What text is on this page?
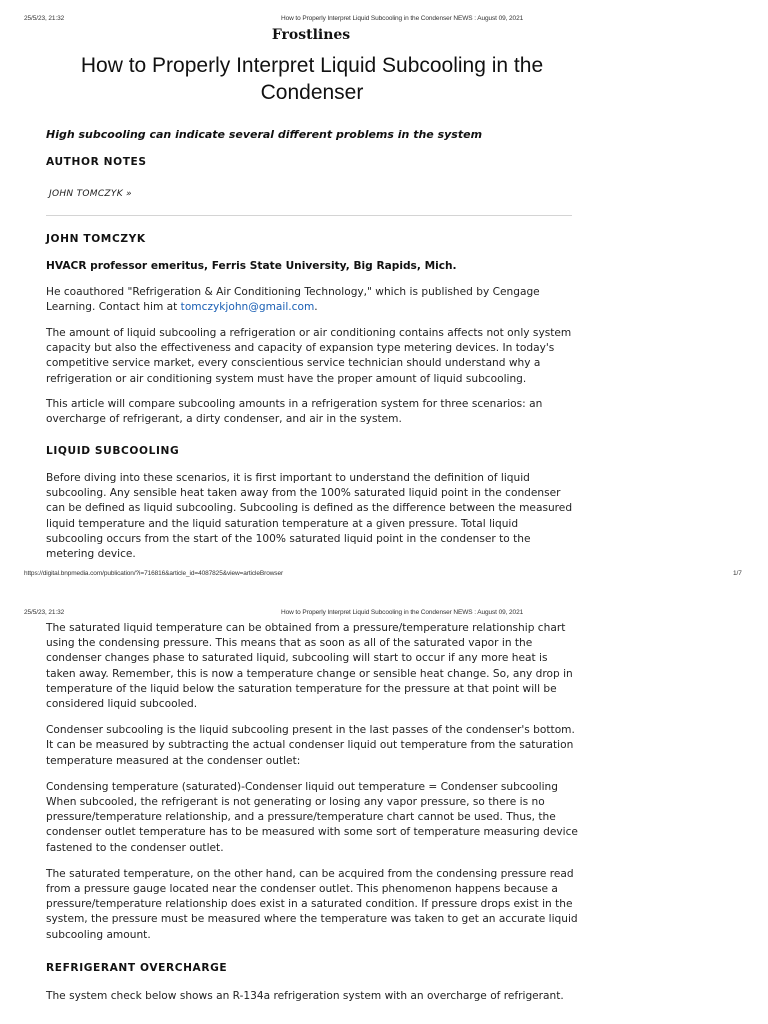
25/5/23, 21:32	How to Properly Interpret Liquid Subcooling in the Condenser NEWS : August 09, 2021
Frostlines
How to Properly Interpret Liquid Subcooling in the Condenser
High subcooling can indicate several different problems in the system
AUTHOR NOTES
JOHN TOMCZYK »
JOHN TOMCZYK
HVACR professor emeritus, Ferris State University, Big Rapids, Mich.

He coauthored "Refrigeration & Air Conditioning Technology," which is published by Cengage Learning. Contact him at tomczykjohn@gmail.com.

The amount of liquid subcooling a refrigeration or air conditioning contains affects not only system capacity but also the effectiveness and capacity of expansion type metering devices. In today's competitive service market, every conscientious service technician should understand why a refrigeration or air conditioning system must have the proper amount of liquid subcooling.

This article will compare subcooling amounts in a refrigeration system for three scenarios: an overcharge of refrigerant, a dirty condenser, and air in the system.

LIQUID SUBCOOLING

Before diving into these scenarios, it is first important to understand the definition of liquid subcooling. Any sensible heat taken away from the 100% saturated liquid point in the condenser can be defined as liquid subcooling. Subcooling is defined as the difference between the measured liquid temperature and the liquid saturation temperature at a given pressure. Total liquid subcooling occurs from the start of the 100% saturated liquid point in the condenser to the metering device.

https://digital.bnpmedia.com/publication/?i=716816&article_id=4087825&view=articleBrowser	1/7
25/5/23, 21:32	How to Properly Interpret Liquid Subcooling in the Condenser NEWS : August 09, 2021

The saturated liquid temperature can be obtained from a pressure/temperature relationship chart using the condensing pressure. This means that as soon as all of the saturated vapor in the condenser changes phase to saturated liquid, subcooling will start to occur if any more heat is taken away. Remember, this is now a temperature change or sensible heat change. So, any drop in temperature of the liquid below the saturation temperature for the pressure at that point will be considered liquid subcooled.

Condenser subcooling is the liquid subcooling present in the last passes of the condenser's bottom. It can be measured by subtracting the actual condenser liquid out temperature from the saturation temperature measured at the condenser outlet:

Condensing temperature (saturated)-Condenser liquid out temperature = Condenser subcooling

When subcooled, the refrigerant is not generating or losing any vapor pressure, so there is no pressure/temperature relationship, and a pressure/temperature chart cannot be used. Thus, the condenser outlet temperature has to be measured with some sort of temperature measuring device fastened to the condenser outlet.

The saturated temperature, on the other hand, can be acquired from the condensing pressure read from a pressure gauge located near the condenser outlet. This phenomenon happens because a pressure/temperature relationship does exist in a saturated condition. If pressure drops exist in the system, the pressure must be measured where the temperature was taken to get an accurate liquid subcooling amount.

REFRIGERANT OVERCHARGE

The system check below shows an R-134a refrigeration system with an overcharge of refrigerant.
